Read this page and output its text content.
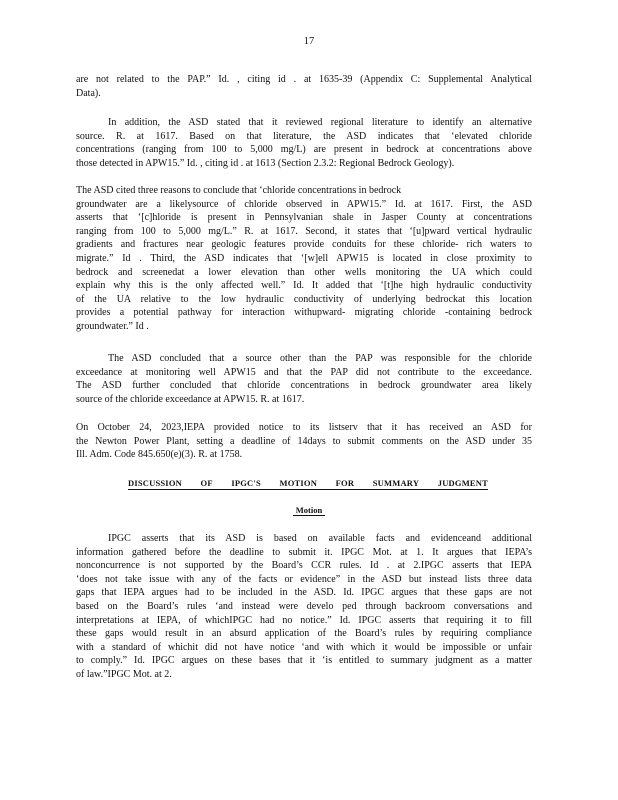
17
are not related to the PAP.” Id. , citing id . at 1635-39 (Appendix C: Supplemental Analytical
Data).
In addition, the ASD stated that it reviewed regional literature to identify an alternative
source. R. at 1617. Based on that literature, the ASD indicates that ‘elevated chloride
concentrations (ranging from 100 to 5,000 mg/L) are present in bedrock at concentrations above
those detected in APW15.” Id. , citing id . at 1613 (Section 2.3.2: Regional Bedrock Geology).
The ASD cited three reasons to conclude that ‘chloride concentrations in bedrock
groundwater are a likelysource of chloride observed in APW15.” Id. at 1617. First, the ASD
asserts that ‘[c]hloride is present in Pennsylvanian shale in Jasper County at concentrations
ranging from 100 to 5,000 mg/L.” R. at 1617. Second, it states that ‘[u]pward vertical hydraulic
gradients and fractures near geologic features provide conduits for these chloride- rich waters to
migrate.” Id . Third, the ASD indicates that ‘[w]ell APW15 is located in close proximity to
bedrock and screenedat a lower elevation than other wells monitoring the UA which could
explain why this is the only affected well.” Id. It added that ‘[t]he high hydraulic conductivity
of the UA relative to the low hydraulic conductivity of underlying bedrockat this location
provides a potential pathway for interaction withupward- migrating chloride -containing bedrock
groundwater.” Id .
The ASD concluded that a source other than the PAP was responsible for the chloride
exceedance at monitoring well APW15 and that the PAP did not contribute to the exceedance.
The ASD further concluded that chloride concentrations in bedrock groundwater area likely
source of the chloride exceedance at APW15. R. at 1617.
On October 24, 2023,IEPA provided notice to its listserv that it has received an ASD for
the Newton Power Plant, setting a deadline of 14days to submit comments on the ASD under 35
Ill. Adm. Code 845.650(e)(3). R. at 1758.
DISCUSSION OF IPGC'S MOTION FOR SUMMARY JUDGMENT
Motion
IPGC asserts that its ASD is based on available facts and evidenceand additional
information gathered before the deadline to submit it. IPGC Mot. at 1. It argues that IEPA’s
nonconcurrence is not supported by the Board’s CCR rules. Id . at 2.IPGC asserts that IEPA
‘does not take issue with any of the facts or evidence” in the ASD but instead lists three data
gaps that IEPA argues had to be included in the ASD. Id. IPGC argues that these gaps are not
based on the Board’s rules ‘and instead were develo ped through backroom conversations and
interpretations at IEPA, of whichIPGC had no notice.” Id. IPGC asserts that requiring it to fill
these gaps would result in an absurd application of the Board’s rules by requiring compliance
with a standard of whichit did not have notice ‘and with which it would be impossible or unfair
to comply.” Id. IPGC argues on these bases that it ‘is entitled to summary judgment as a matter
of law.”IPGC Mot. at 2.
